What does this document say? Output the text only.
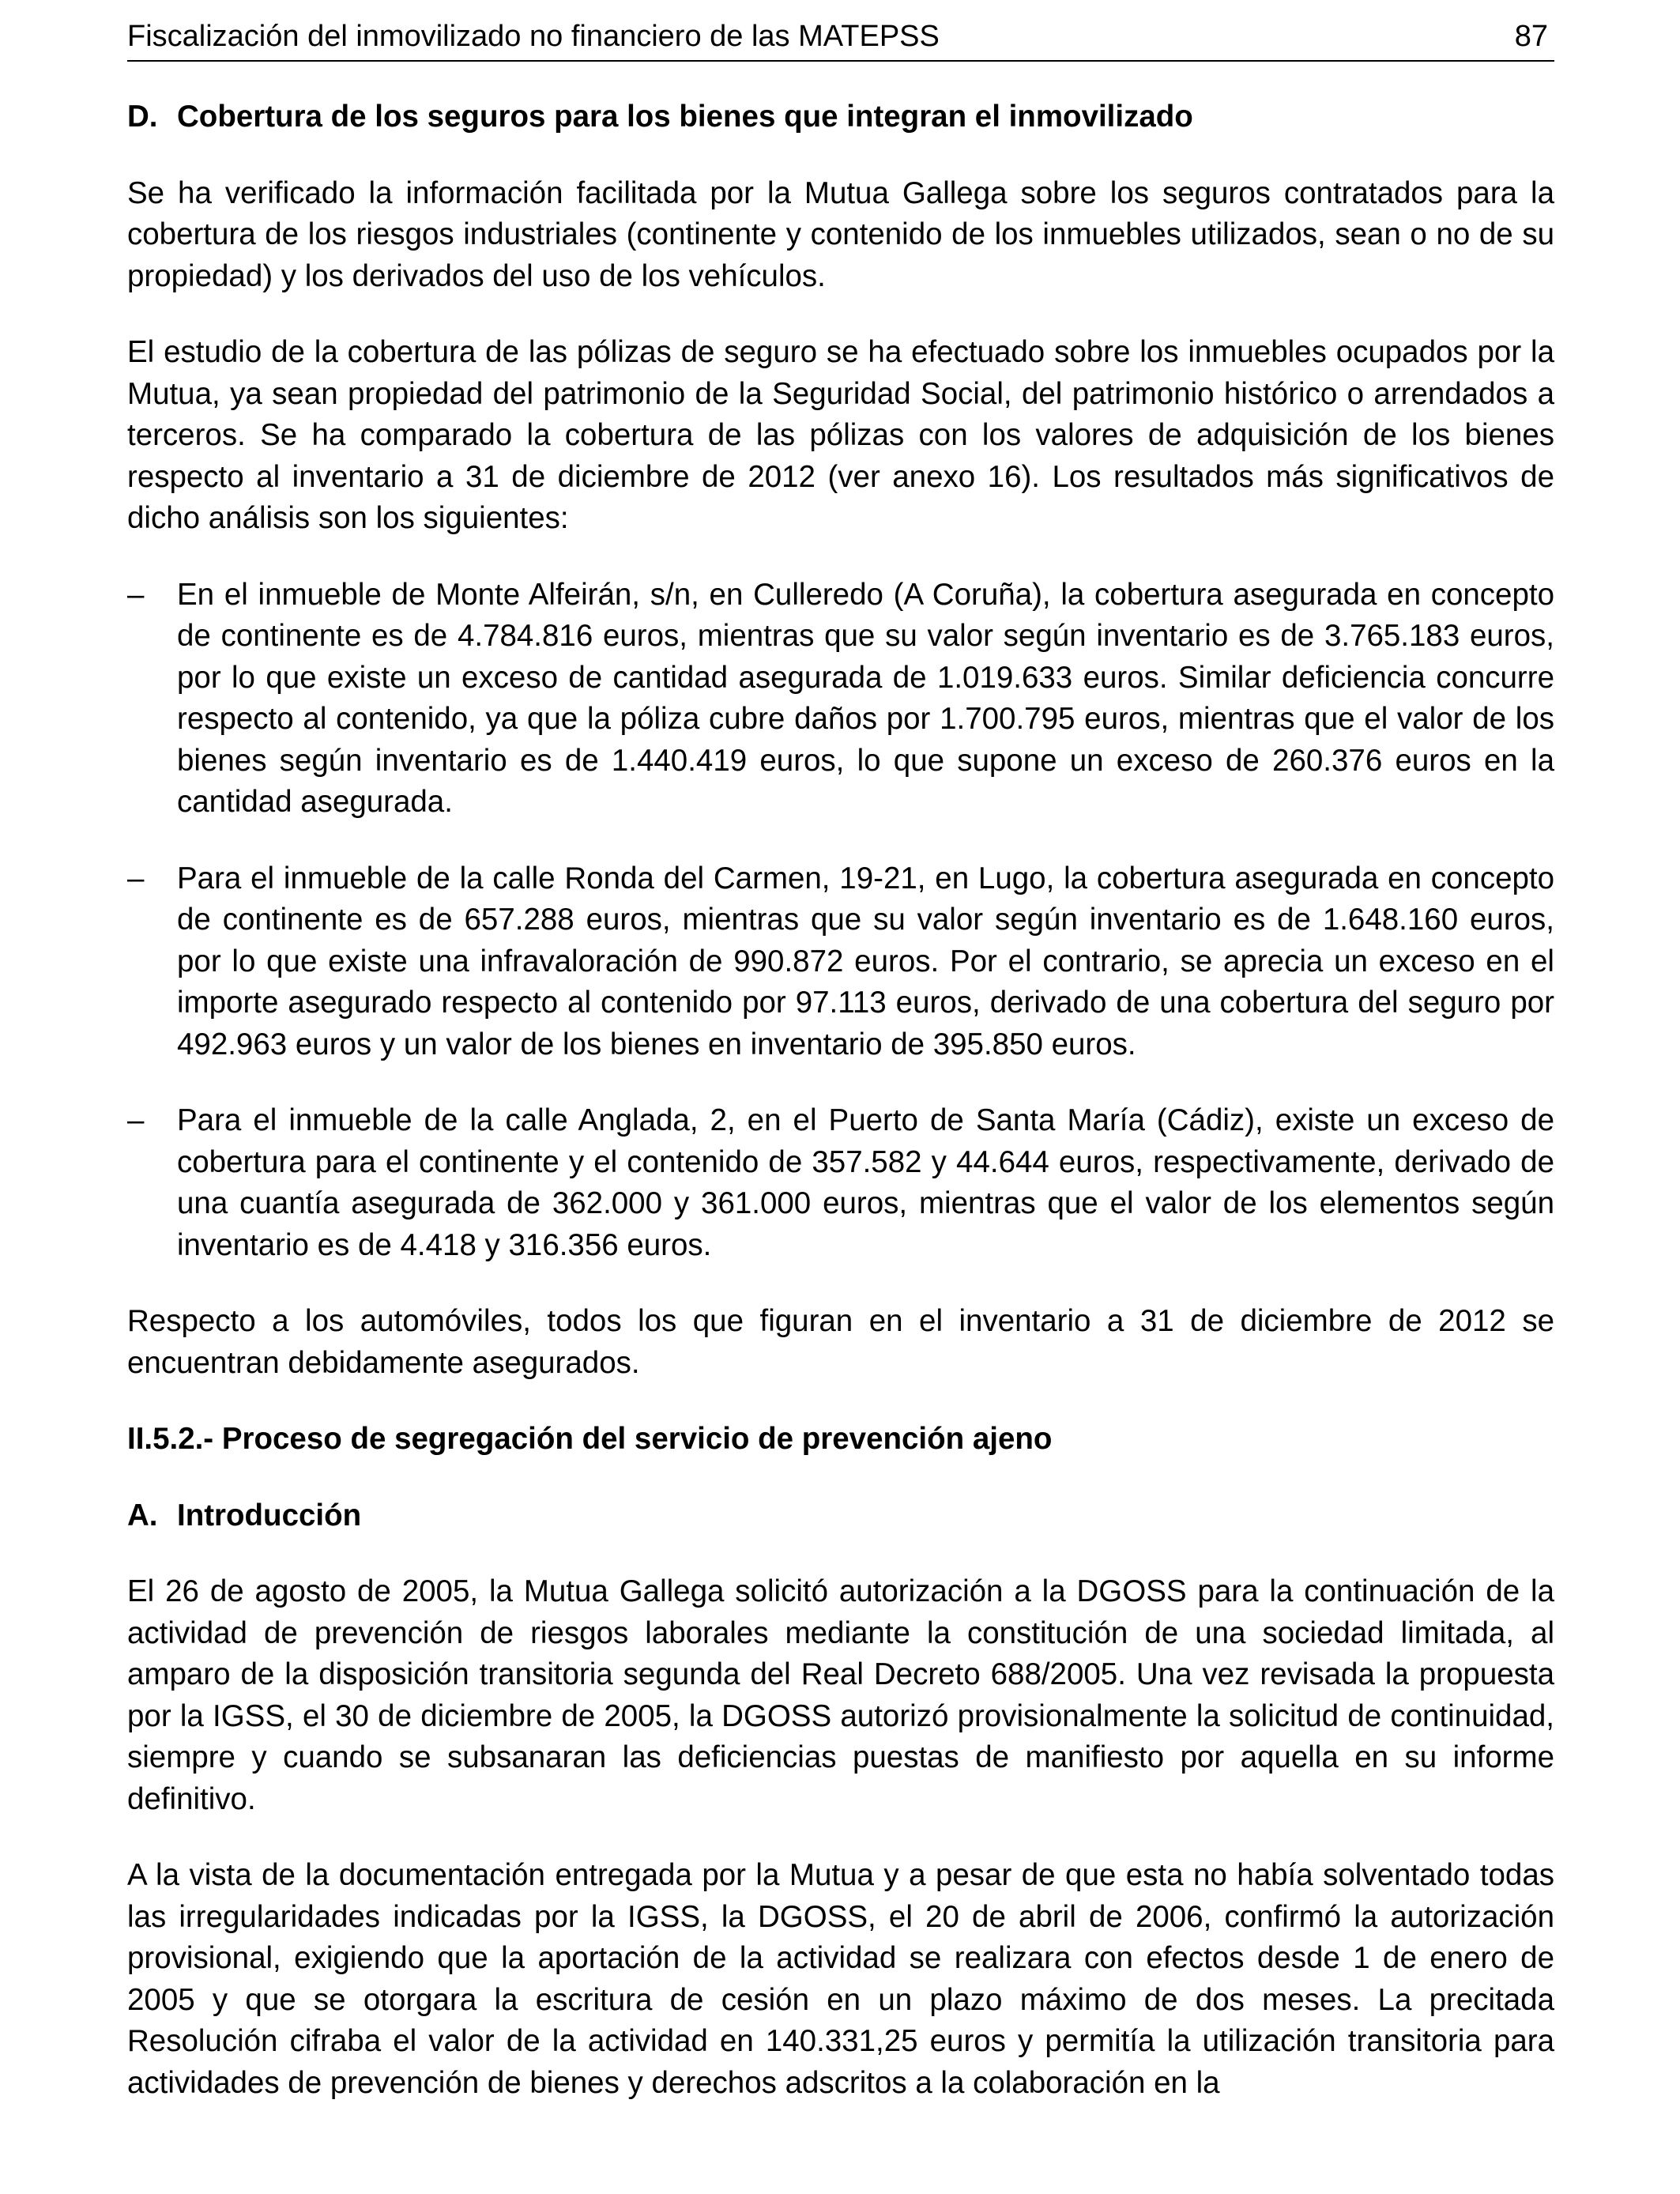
Fiscalización del inmovilizado no financiero de las MATEPSS	87
D. Cobertura de los seguros para los bienes que integran el inmovilizado

Se ha verificado la información facilitada por la Mutua Gallega sobre los seguros contratados para la cobertura de los riesgos industriales (continente y contenido de los inmuebles utilizados, sean o no de su propiedad) y los derivados del uso de los vehículos.

El estudio de la cobertura de las pólizas de seguro se ha efectuado sobre los inmuebles ocupados por la Mutua, ya sean propiedad del patrimonio de la Seguridad Social, del patrimonio histórico o arrendados a terceros. Se ha comparado la cobertura de las pólizas con los valores de adquisición de los bienes respecto al inventario a 31 de diciembre de 2012 (ver anexo 16). Los resultados más significativos de dicho análisis son los siguientes:

–	En el inmueble de Monte Alfeirán, s/n, en Culleredo (A Coruña), la cobertura asegurada en concepto de continente es de 4.784.816 euros, mientras que su valor según inventario es de 3.765.183 euros, por lo que existe un exceso de cantidad asegurada de 1.019.633 euros. Similar deficiencia concurre respecto al contenido, ya que la póliza cubre daños por 1.700.795 euros, mientras que el valor de los bienes según inventario es de 1.440.419 euros, lo que supone un exceso de 260.376 euros en la cantidad asegurada.
–	Para el inmueble de la calle Ronda del Carmen, 19-21, en Lugo, la cobertura asegurada en concepto de continente es de 657.288 euros, mientras que su valor según inventario es de 1.648.160 euros, por lo que existe una infravaloración de 990.872 euros. Por el contrario, se aprecia un exceso en el importe asegurado respecto al contenido por 97.113 euros, derivado de una cobertura del seguro por 492.963 euros y un valor de los bienes en inventario de 395.850 euros.
–	Para el inmueble de la calle Anglada, 2, en el Puerto de Santa María (Cádiz), existe un exceso de cobertura para el continente y el contenido de 357.582 y 44.644 euros, respectivamente, derivado de una cuantía asegurada de 362.000 y 361.000 euros, mientras que el valor de los elementos según inventario es de 4.418 y 316.356 euros.

Respecto a los automóviles, todos los que figuran en el inventario a 31 de diciembre de 2012 se encuentran debidamente asegurados.

II.5.2.- Proceso de segregación del servicio de prevención ajeno
A. Introducción

El 26 de agosto de 2005, la Mutua Gallega solicitó autorización a la DGOSS para la continuación de la actividad de prevención de riesgos laborales mediante la constitución de una sociedad limitada, al amparo de la disposición transitoria segunda del Real Decreto 688/2005. Una vez revisada la propuesta por la IGSS, el 30 de diciembre de 2005, la DGOSS autorizó provisionalmente la solicitud de continuidad, siempre y cuando se subsanaran las deficiencias puestas de manifiesto por aquella en su informe definitivo.

A la vista de la documentación entregada por la Mutua y a pesar de que esta no había solventado todas las irregularidades indicadas por la IGSS, la DGOSS, el 20 de abril de 2006, confirmó la autorización provisional, exigiendo que la aportación de la actividad se realizara con efectos desde 1 de enero de 2005 y que se otorgara la escritura de cesión en un plazo máximo de dos meses. La precitada Resolución cifraba el valor de la actividad en 140.331,25 euros y permitía la utilización transitoria para actividades de prevención de bienes y derechos adscritos a la colaboración en la
